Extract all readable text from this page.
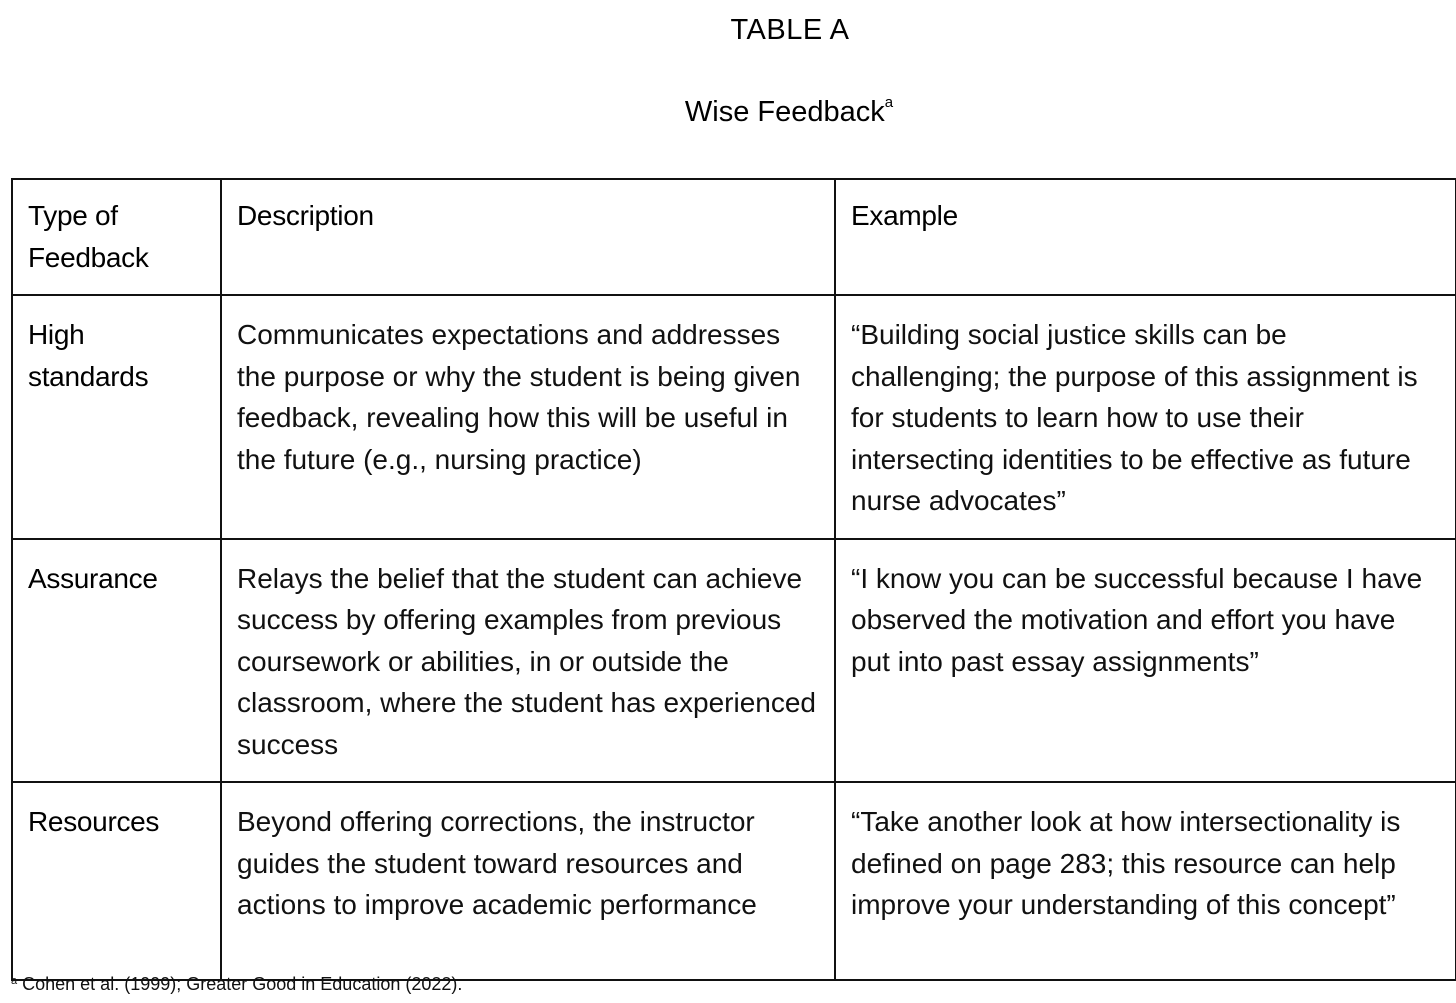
TABLE A
Wise Feedback$^a$
Type of Feedback	Description	Example
High standards	Communicates expectations and addresses the purpose or why the student is being given feedback, revealing how this will be useful in the future (e.g., nursing practice)	“Building social justice skills can be challenging; the purpose of this assignment is for students to learn how to use their intersecting identities to be effective as future nurse advocates”
Assurance	Relays the belief that the student can achieve success by offering examples from previous coursework or abilities, in or outside the classroom, where the student has experienced success	“I know you can be successful because I have observed the motivation and effort you have put into past essay assignments”
Resources	Beyond offering corrections, the instructor guides the student toward resources and actions to improve academic performance	“Take another look at how intersectionality is defined on page 283; this resource can help improve your understanding of this concept”
$^a$ Cohen et al. (1999); Greater Good in Education (2022).
